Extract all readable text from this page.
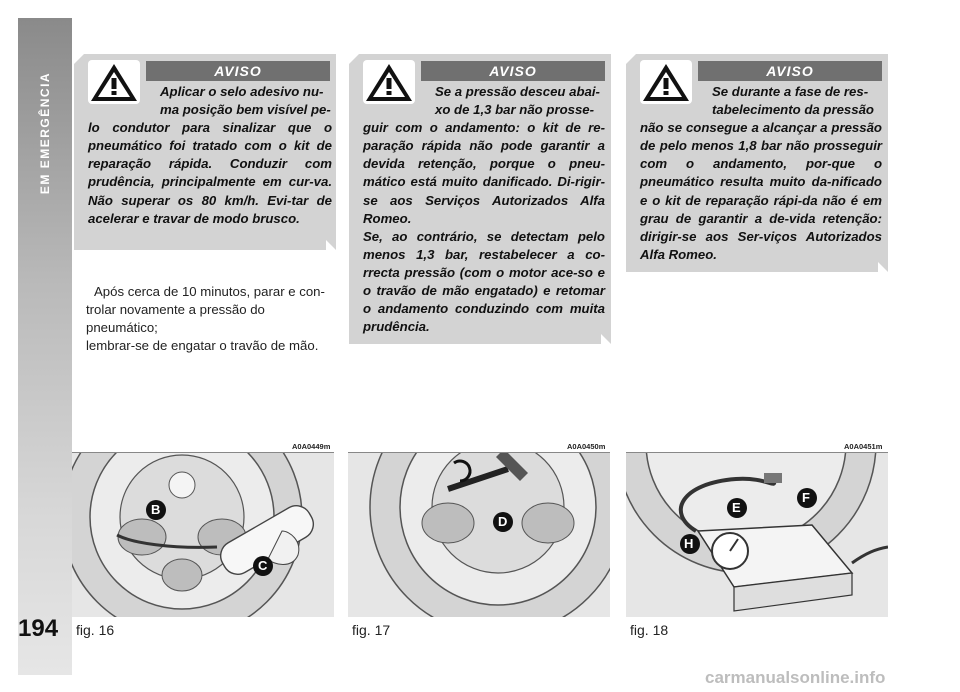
EM EMERGÊNCIA
194
AVISO
Aplicar o selo adesivo nu-
ma posição bem visível pe-
lo condutor para sinalizar que o pneumático foi tratado com o kit de reparação rápida. Conduzir com prudência, principalmente em cur-va. Não superar os 80 km/h. Evi-tar de acelerar e travar de modo brusco.
AVISO
Se a pressão desceu abai-
xo de 1,3 bar não prosse-
guir com o andamento: o kit de re-paração rápida não pode garantir a devida retenção, porque o pneu-mático está muito danificado. Di-rigir-se aos Serviços Autorizados Alfa Romeo.
Se, ao contrário, se detectam pelo menos 1,3 bar, restabelecer a co-rrecta pressão (com o motor ace-so e o travão de mão engatado) e retomar o andamento conduzindo com muita prudência.
AVISO
Se durante a fase de res-
tabelecimento da pressão
não se consegue a alcançar a pressão de pelo menos 1,8 bar não prosseguir com o andamento, por-que o pneumático resulta muito da-nificado e o kit de reparação rápi-da não é em grau de garantir a de-vida retenção: dirigir-se aos Ser-viços Autorizados Alfa Romeo.
Após cerca de 10 minutos, parar e con-
trolar novamente a pressão do pneumático;
lembrar-se de engatar o travão de mão.
A0A0449m	A0A0450m	A0A0451m
B
C
D
E
F
H
fig. 16	fig. 17	fig. 18
carmanualsonline.info
